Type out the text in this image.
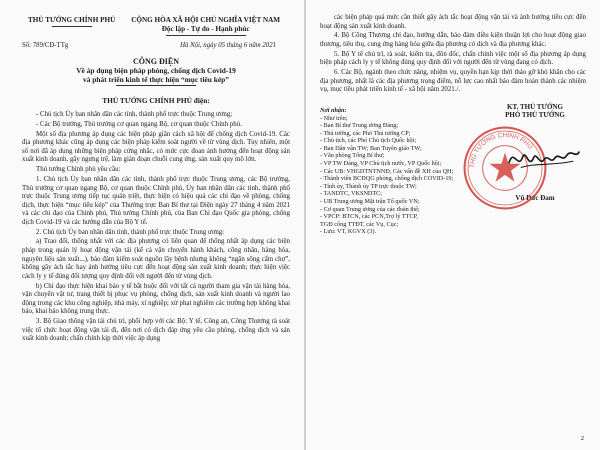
THỦ TƯỚNG CHÍNH PHỦ	CỘNG HÒA XÃ HỘI CHỦ NGHĨA VIỆT NAM
Độc lập - Tự do - Hạnh phúc
Số: 789/CĐ-TTg	Hà Nội, ngày 05 tháng 6 năm 2021
CÔNG ĐIỆN
Về áp dụng biện pháp phòng, chống dịch Covid-19
và phát triển kinh tế thực hiện “mục tiêu kép”
THỦ TƯỚNG CHÍNH PHỦ điện:

- Chủ tịch Ủy ban nhân dân các tỉnh, thành phố trực thuộc Trung ương;

- Các Bộ trưởng, Thủ trưởng cơ quan ngang Bộ, cơ quan thuộc Chính phủ.

Một số địa phương áp dụng các biện pháp giãn cách xã hội để chống dịch Covid-19. Các địa phương khác cũng áp dụng các biện pháp kiểm soát người về từ vùng dịch. Tuy nhiên, một số nơi đã áp dụng những biện pháp cứng nhắc, có mức cực đoan ảnh hưởng đến hoạt động sản xuất kinh doanh, gây ngưng trệ, làm gián đoạn chuỗi cung ứng, sản xuất quy mô lớn.

Thủ tướng Chính phủ yêu cầu:

1. Chủ tịch Ủy ban nhân dân các tỉnh, thành phố trực thuộc Trung ương, các Bộ trưởng, Thủ trưởng cơ quan ngang Bộ, cơ quan thuộc Chính phủ, Ủy ban nhân dân các tỉnh, thành phố trực thuộc Trung ương tiếp tục quán triệt, thực hiện có hiệu quả các chỉ đạo về phòng, chống dịch, thực hiện “mục tiêu kép” của Thường trực Ban Bí thư tại Điện ngày 27 tháng 4 năm 2021 và các chỉ đạo của Chính phủ, Thủ tướng Chính phủ, của Ban Chỉ đạo Quốc gia phòng, chống dịch Covid-19 và các hướng dẫn của Bộ Y tế.

2. Chủ tịch Ủy ban nhân dân tỉnh, thành phố trực thuộc Trung ương:

a) Trao đổi, thống nhất với các địa phương có liên quan để thống nhất áp dụng các biện pháp trong quản lý hoạt động vận tải (kể cả vận chuyển hành khách, công nhân, hàng hóa, nguyên liệu sản xuất...), bảo đảm kiểm soát nguồn lây bệnh nhưng không “ngăn sông cấm chợ”, không gây ách tắc hay ảnh hưởng tiêu cực đến hoạt động sản xuất kinh doanh; thực hiện việc cách ly y tế đúng đối tượng quy định đối với người đến từ vùng dịch.

b) Chỉ đạo thực hiện khai báo y tế bắt buộc đối với tất cả người tham gia vận tải hàng hóa, vận chuyển vật tư, trang thiết bị phục vụ phòng, chống dịch, sản xuất kinh doanh và người lao động trong các khu công nghiệp, nhà máy, xí nghiệp; xử phạt nghiêm các trường hợp không khai báo, khai báo không trung thực.

3. Bộ Giao thông vận tải chủ trì, phối hợp với các Bộ: Y tế, Công an, Công Thương rà soát việc tổ chức hoạt động vận tải đi, đến nơi có dịch đáp ứng yêu cầu phòng, chống dịch và sản xuất kinh doanh; chấn chỉnh kịp thời việc áp dụng

các biện pháp quá mức cần thiết gây ách tắc hoạt động vận tải và ảnh hưởng tiêu cực đến hoạt động sản xuất kinh doanh.

4. Bộ Công Thương chỉ đạo, hướng dẫn, bảo đảm điều kiện thuận lợi cho hoạt động giao thương, tiêu thụ, cung ứng hàng hóa giữa địa phương có dịch và địa phương khác.

5. Bộ Y tế chủ trì, rà soát, kiểm tra, đôn đốc, chấn chỉnh việc một số địa phương áp dụng biện pháp cách ly y tế không đúng quy định đối với người đến từ vùng đang có dịch.

6. Các Bộ, ngành theo chức năng, nhiệm vụ, quyền hạn kịp thời tháo gỡ khó khăn cho các địa phương, nhất là các địa phương trọng điểm, nỗ lực cao nhất bảo đảm hoàn thành các nhiệm vụ, mục tiêu phát triển kinh tế - xã hội năm 2021./.

Nơi nhận:
- Như trên;
- Ban Bí thư Trung ương Đảng;
- Thủ tướng, các Phó Thủ tướng CP;
- Chủ tịch, các Phó Chủ tịch Quốc hội;
- Ban Dân vận TW; Ban Tuyên giáo TW;
- Văn phòng Tổng Bí thư;
- VP TW Đảng, VP Chủ tịch nước, VP Quốc hội;
- Các UB: VHGDTNTNNĐ, Các vấn đề XH của QH;
- Thành viên BCĐQG phòng, chống dịch COVID-19;
- Tỉnh ủy, Thành ủy TP trực thuộc TW;
- TANDTC, VKSNDTC;
- UB Trung ương Mặt trận Tổ quốc VN;
- Cơ quan Trung ương của các đoàn thể;
- VPCP: BTCN, các PCN,Trợ lý TTCP,
TGĐ cổng TTĐT, các Vụ, Cục;
- Lưu: VT, KGVX (3).
KT. THỦ TƯỚNG
PHÓ THỦ TƯỚNG
Vũ Đức Đam
THỦ TƯỚNG CHÍNH PHỦ
2
